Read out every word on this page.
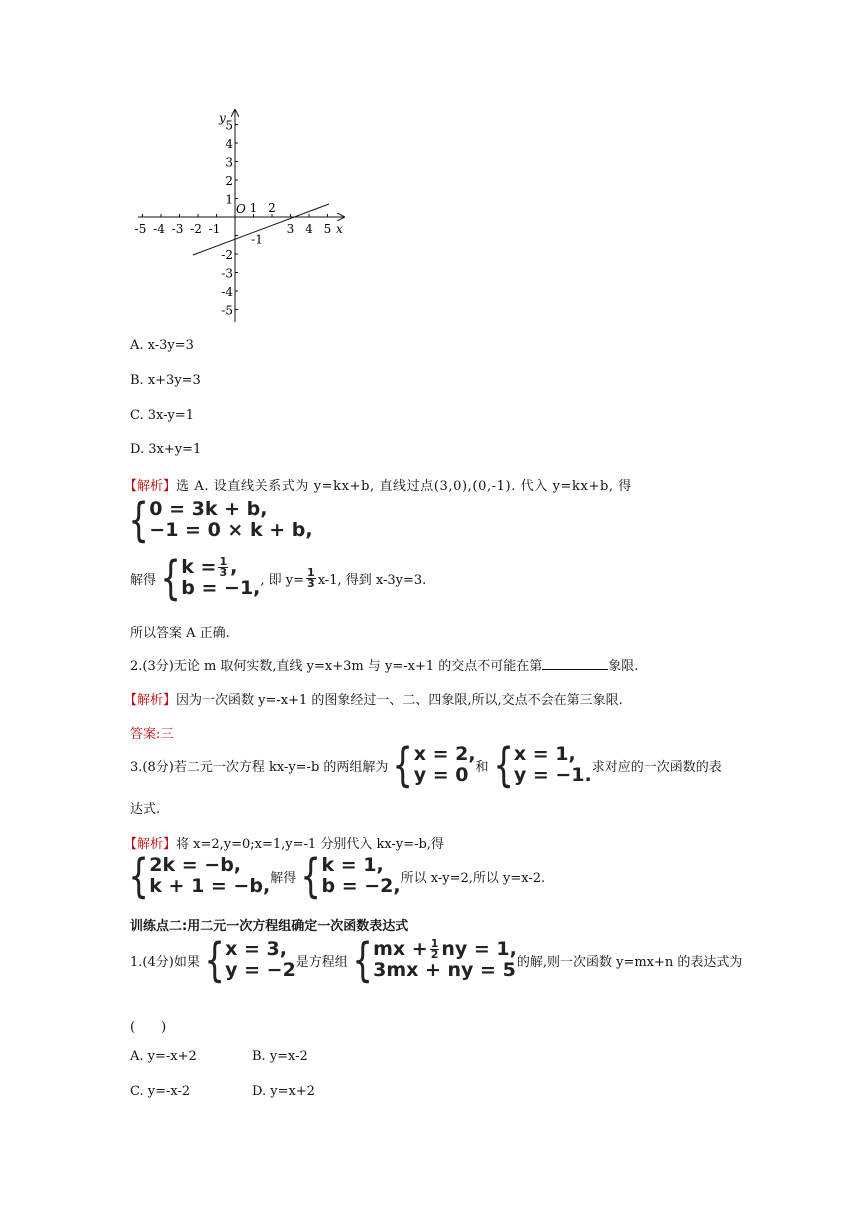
-5 -4 -3 -2 -1
1 2
3 4 5
5
4
3
2
1
-1
-2
-3
-4
-5
x
y
O
A. x-3y=3
B. x+3y=3
C. 3x-y=1
D. 3x+y=1
【解析】选 A. 设直线关系式为 y=kx+b, 直线过点(3,0),(0,-1). 代入 y=kx+b, 得
{ 0 = 3k + b,
−1 = 0 × k + b,
解得 { $k = \frac{1}{3}$ ,
b = −1, , 即 $y= \frac{1}{3} x-1$, 得到 x-3y=3.
所以答案 A 正确.
2.(3分)无论 m 取何实数,直线 y=x+3m 与 y=-x+1 的交点不可能在第	象限.
【解析】因为一次函数 y=-x+1 的图象经过一、二、四象限,所以,交点不会在第三象限.
答案:三
3.(8分)若二元一次方程 kx-y=-b 的两组解为 { x = 2,
y = 0 和 { x = 1,
y = −1. 求对应的一次函数的表
达式.
【解析】将 x=2,y=0;x=1,y=-1 分别代入 kx-y=-b,得
{ 2k = −b,
k + 1 = −b, 解得 { k = 1,
b = −2, 所以 x-y=2,所以 y=x-2.
训练点二:用二元一次方程组确定一次函数表达式
1.(4分)如果 { x = 3,
y = −2 是方程组 { mx + $\frac{1}{2}$ ny = 1,
3mx + ny = 5 的解,则一次函数 y=mx+n 的表达式为
(　　)
A. y=-x+2	B. y=x-2
C. y=-x-2	D. y=x+2
